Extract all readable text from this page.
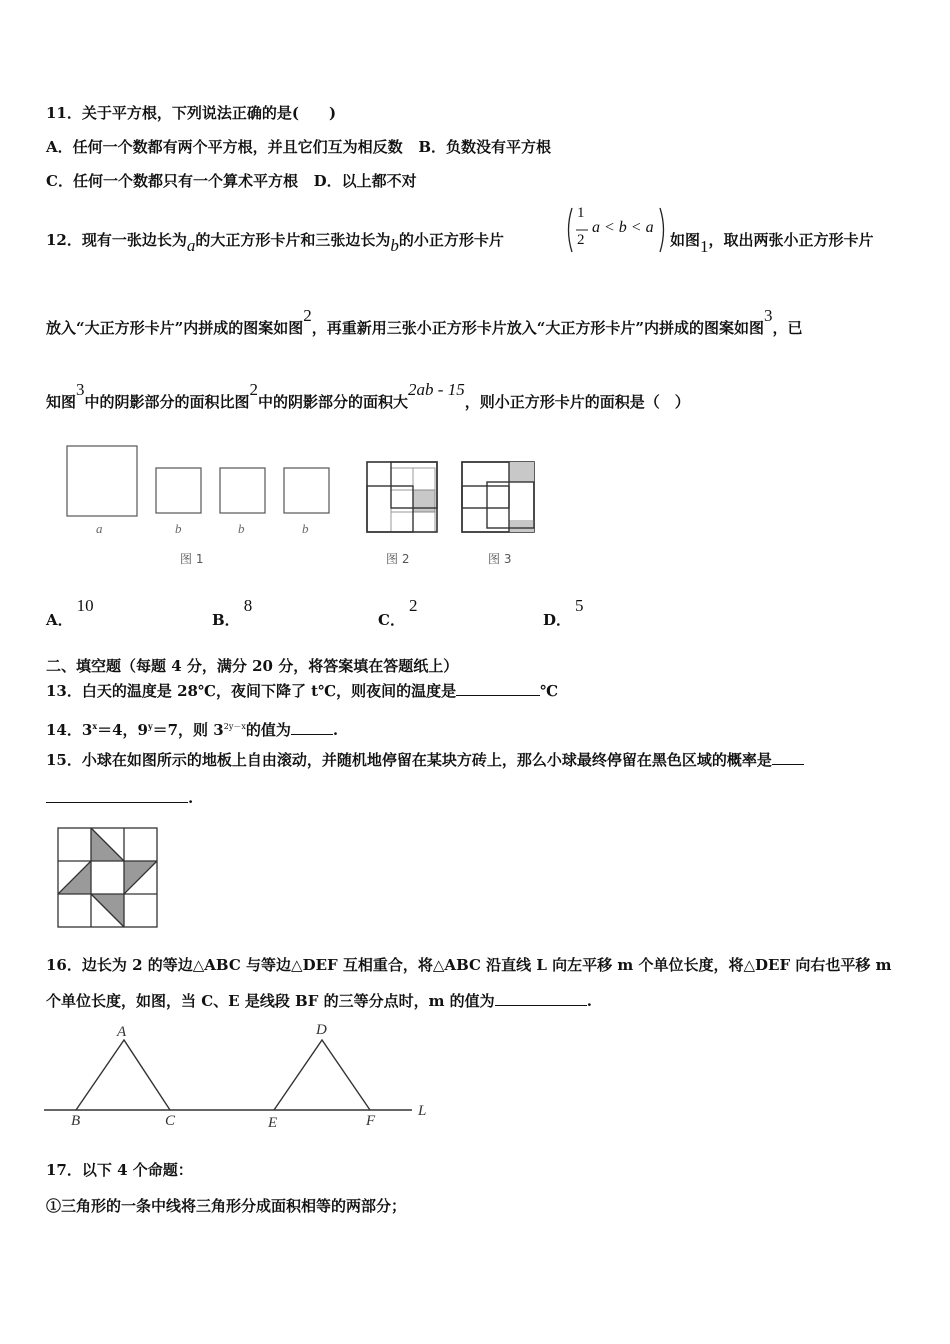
11．关于平方根，下列说法正确的是(　　)
A．任何一个数都有两个平方根，并且它们互为相反数 B．负数没有平方根
C．任何一个数都只有一个算术平方根 D．以上都不对
12．现有一张边长为a的大正方形卡片和三张边长为b的小正方形卡片
1
2
a < b < a
如图1，取出两张小正方形卡片
放入“大正方形卡片”内拼成的图案如图2，再重新用三张小正方形卡片放入“大正方形卡片”内拼成的图案如图3，已
知图3中的阴影部分的面积比图2中的阴影部分的面积大2ab - 15，则小正方形卡片的面积是（　）
a	b	b	b
图 1	图 2	图 3
A．10
B．8
C．2
D．5
二、填空题（每题 4 分，满分 20 分，将答案填在答题纸上）
13．白天的温度是 28℃，夜间下降了 t℃，则夜间的温度是	℃
14．$3^x=4$，$9^y=7$，则 $3^{2y-x}$的值为	.
15．小球在如图所示的地板上自由滚动，并随机地停留在某块方砖上，那么小球最终停留在黑色区域的概率是
.
16．边长为 2 的等边△ABC 与等边△DEF 互相重合，将△ABC 沿直线 L 向左平移 m 个单位长度，将△DEF 向右也平移 m
个单位长度，如图，当 C、E 是线段 BF 的三等分点时，m 的值为	.
A
B	C
D
E	F
L
17．以下 4 个命题：
①三角形的一条中线将三角形分成面积相等的两部分；
